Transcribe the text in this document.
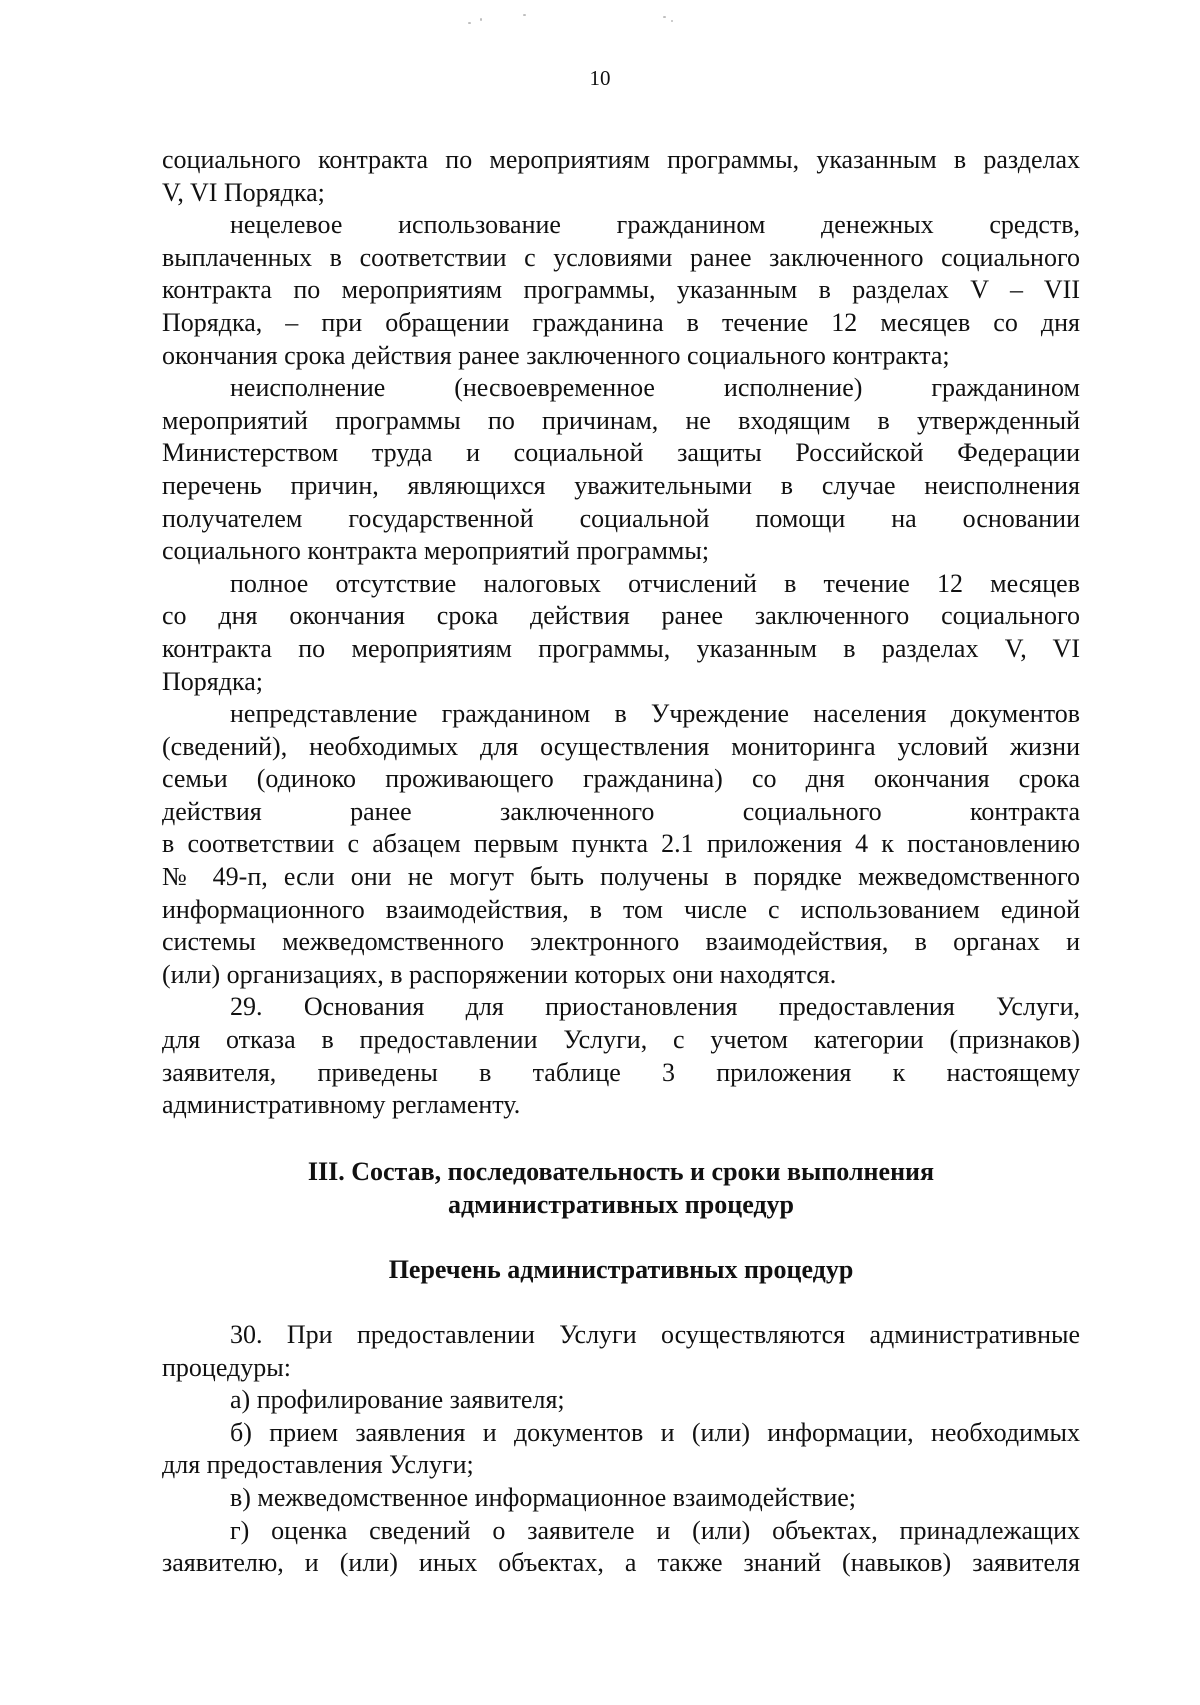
10
социального контракта по мероприятиям программы, указанным в разделах
V, VI Порядка;
нецелевое использование гражданином денежных средств,
выплаченных в соответствии с условиями ранее заключенного социального
контракта по мероприятиям программы, указанным в разделах V – VII
Порядка, – при обращении гражданина в течение 12 месяцев со дня
окончания срока действия ранее заключенного социального контракта;
неисполнение (несвоевременное исполнение) гражданином
мероприятий программы по причинам, не входящим в утвержденный
Министерством труда и социальной защиты Российской Федерации
перечень причин, являющихся уважительными в случае неисполнения
получателем государственной социальной помощи на основании
социального контракта мероприятий программы;
полное отсутствие налоговых отчислений в течение 12 месяцев
со дня окончания срока действия ранее заключенного социального
контракта по мероприятиям программы, указанным в разделах V, VI
Порядка;
непредставление гражданином в Учреждение населения документов
(сведений), необходимых для осуществления мониторинга условий жизни
семьи (одиноко проживающего гражданина) со дня окончания срока
действия ранее заключенного социального контракта
в соответствии с абзацем первым пункта 2.1 приложения 4 к постановлению
№ 49-п, если они не могут быть получены в порядке межведомственного
информационного взаимодействия, в том числе с использованием единой
системы межведомственного электронного взаимодействия, в органах и
(или) организациях, в распоряжении которых они находятся.
29. Основания для приостановления предоставления Услуги,
для отказа в предоставлении Услуги, с учетом категории (признаков)
заявителя, приведены в таблице 3 приложения к настоящему
административному регламенту.
III. Состав, последовательность и сроки выполнения
административных процедур
Перечень административных процедур
30. При предоставлении Услуги осуществляются административные
процедуры:
а) профилирование заявителя;
б) прием заявления и документов и (или) информации, необходимых
для предоставления Услуги;
в) межведомственное информационное взаимодействие;
г) оценка сведений о заявителе и (или) объектах, принадлежащих
заявителю, и (или) иных объектах, а также знаний (навыков) заявителя
